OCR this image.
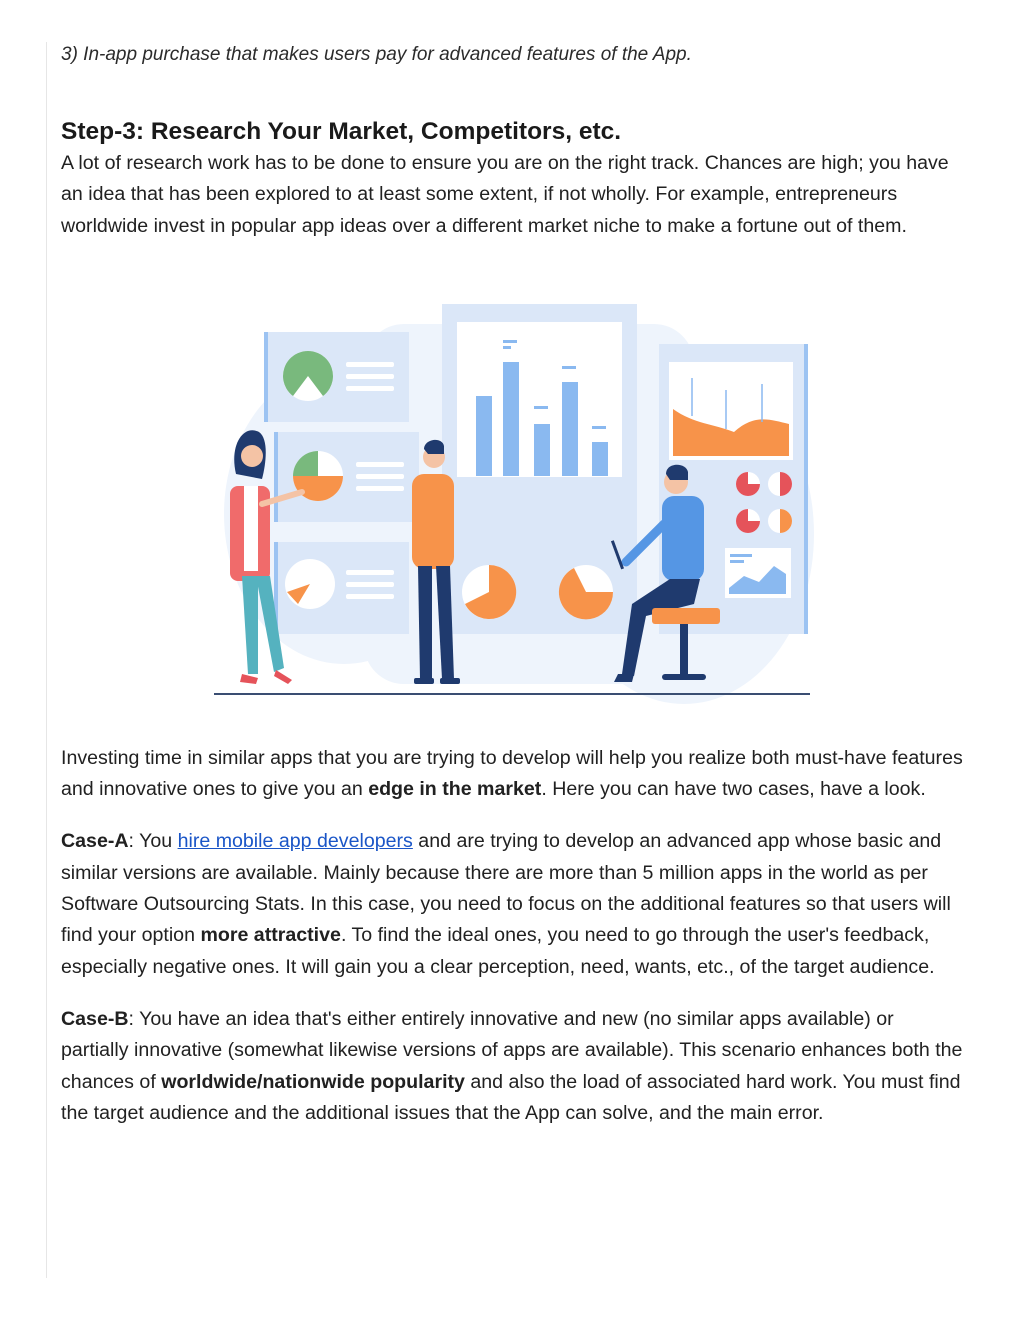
3) In-app purchase that makes users pay for advanced features of the App.

Step-3: Research Your Market, Competitors, etc.

A lot of research work has to be done to ensure you are on the right track. Chances are high; you have an idea that has been explored to at least some extent, if not wholly. For example, entrepreneurs worldwide invest in popular app ideas over a different market niche to make a fortune out of them.

Investing time in similar apps that you are trying to develop will help you realize both must-have features and innovative ones to give you an edge in the market. Here you can have two cases, have a look.

Case-A: You hire mobile app developers and are trying to develop an advanced app whose basic and similar versions are available. Mainly because there are more than 5 million apps in the world as per Software Outsourcing Stats. In this case, you need to focus on the additional features so that users will find your option more attractive. To find the ideal ones, you need to go through the user's feedback, especially negative ones. It will gain you a clear perception, need, wants, etc., of the target audience.

Case-B: You have an idea that's either entirely innovative and new (no similar apps available) or partially innovative (somewhat likewise versions of apps are available). This scenario enhances both the chances of worldwide/nationwide popularity and also the load of associated hard work. You must find the target audience and the additional issues that the App can solve, and the main error.
